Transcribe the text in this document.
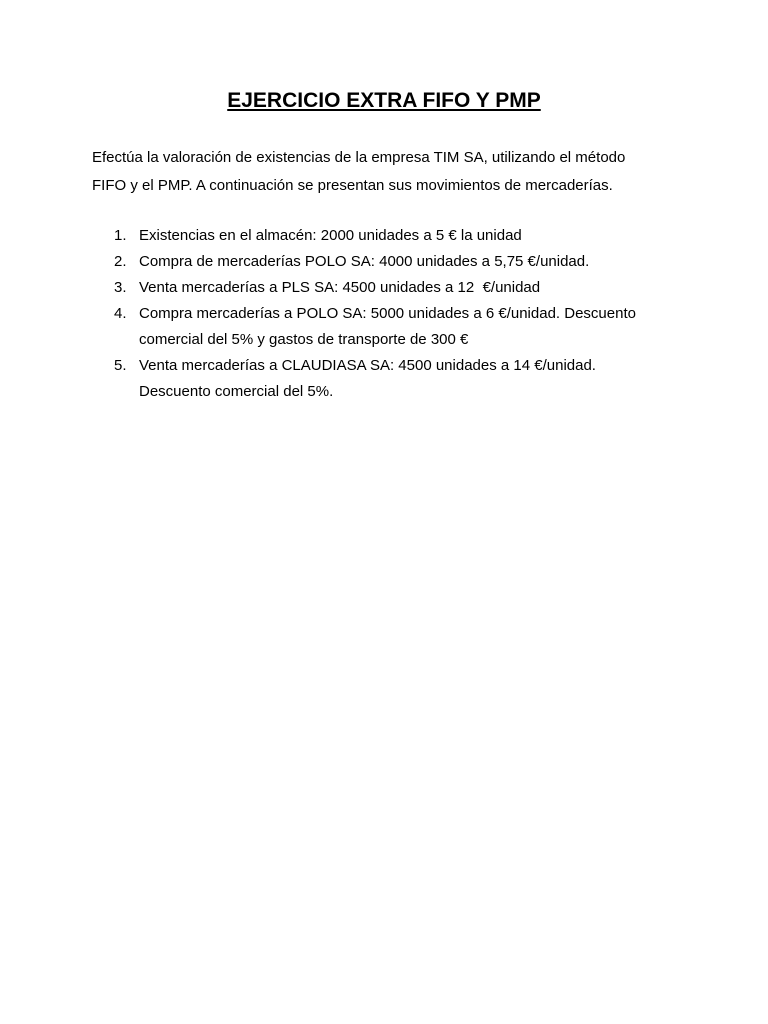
EJERCICIO EXTRA FIFO Y PMP

Efectúa la valoración de existencias de la empresa TIM SA, utilizando el método

FIFO y el PMP. A continuación se presentan sus movimientos de mercaderías.

1. Existencias en el almacén: 2000 unidades a 5 € la unidad
2. Compra de mercaderías POLO SA: 4000 unidades a 5,75 €/unidad.
3. Venta mercaderías a PLS SA: 4500 unidades a 12  €/unidad
4. Compra mercaderías a POLO SA: 5000 unidades a 6 €/unidad. Descuento
comercial del 5% y gastos de transporte de 300 €
5. Venta mercaderías a CLAUDIASA SA: 4500 unidades a 14 €/unidad.
Descuento comercial del 5%.
